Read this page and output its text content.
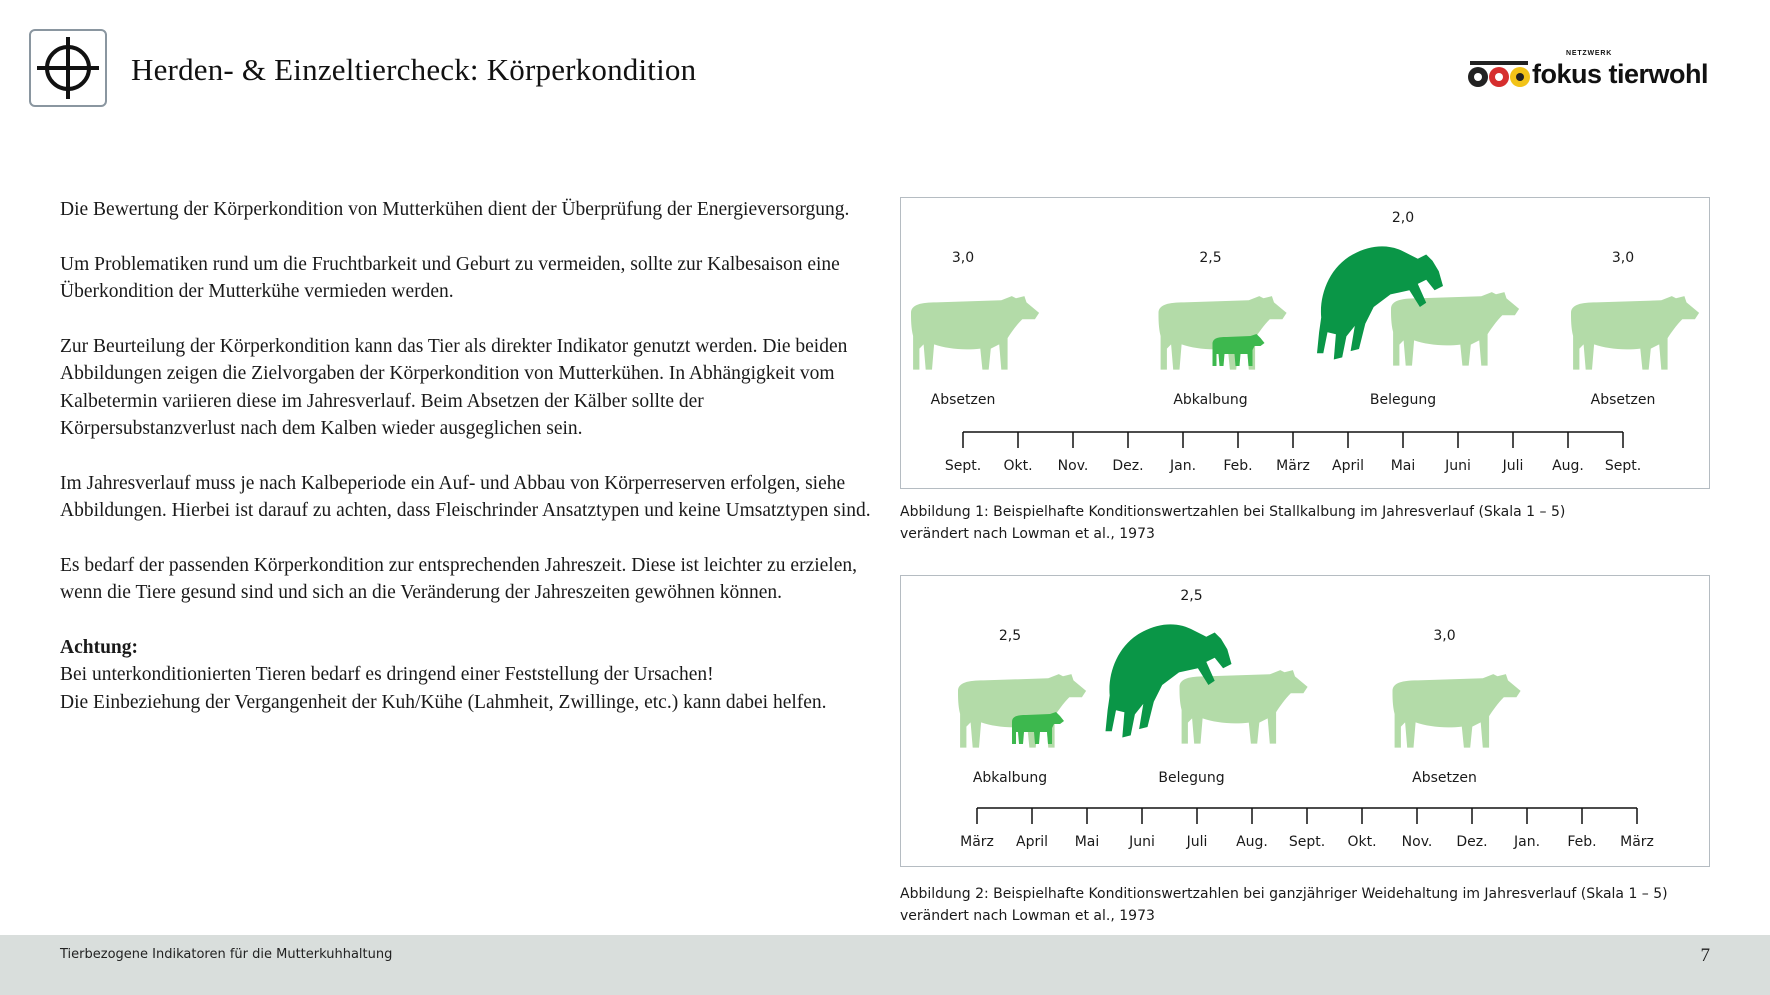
Herden- & Einzeltiercheck: Körperkondition	NETZWERK
fokus tierwohl

Die Bewertung der Körperkondition von Mutterkühen dient der Überprüfung der Energieversorgung.

Um Problematiken rund um die Fruchtbarkeit und Geburt zu vermeiden, sollte zur Kalbesaison eine Überkondition der Mutterkühe vermieden werden.

Zur Beurteilung der Körperkondition kann das Tier als direkter Indikator genutzt werden. Die beiden Abbildungen zeigen die Zielvorgaben der Körperkondition von Mutterkühen. In Abhängigkeit vom Kalbetermin variieren diese im Jahresverlauf. Beim Absetzen der Kälber sollte der Körpersubstanzverlust nach dem Kalben wieder ausgeglichen sein.

Im Jahresverlauf muss je nach Kalbeperiode ein Auf- und Abbau von Körperreserven erfolgen, siehe Abbildungen. Hierbei ist darauf zu achten, dass Fleischrinder Ansatztypen und keine Umsatztypen sind.

Es bedarf der passenden Körperkondition zur entsprechenden Jahreszeit. Diese ist leichter zu erzielen, wenn die Tiere gesund sind und sich an die Veränderung der Jahreszeiten gewöhnen können.

Achtung:
Bei unterkonditionierten Tieren bedarf es dringend einer Feststellung der Ursachen!
Die Einbeziehung der Vergangenheit der Kuh/Kühe (Lahmheit, Zwillinge, etc.) kann dabei helfen.

Sept. Okt. Nov. Dez. Jan. Feb. März April Mai Juni Juli Aug. Sept.
3,0
Absetzen
2,5
Abkalbung
2,0
Belegung
3,0
Absetzen
Abbildung 1: Beispielhafte Konditionswertzahlen bei Stallkalbung im Jahresverlauf (Skala 1 – 5)
verändert nach Lowman et al., 1973
März April Mai Juni Juli Aug. Sept. Okt. Nov. Dez. Jan. Feb. März
2,5
Abkalbung
2,5
Belegung
3,0
Absetzen
Abbildung 2: Beispielhafte Konditionswertzahlen bei ganzjähriger Weidehaltung im Jahresverlauf (Skala 1 – 5)
verändert nach Lowman et al., 1973
Tierbezogene Indikatoren für die Mutterkuhhaltung	7
